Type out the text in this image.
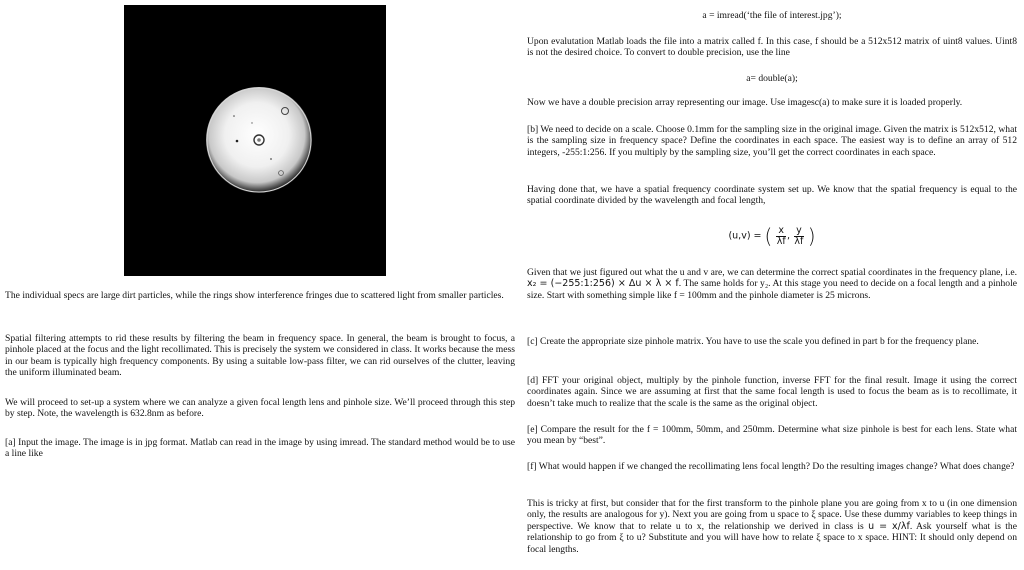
The individual specs are large dirt particles, while the rings show interference fringes due to scattered light from smaller particles.

Spatial filtering attempts to rid these results by filtering the beam in frequency space. In general, the beam is brought to focus, a pinhole placed at the focus and the light recollimated. This is precisely the system we considered in class. It works because the mess in our beam is typically high frequency components. By using a suitable low-pass filter, we can rid ourselves of the clutter, leaving the uniform illuminated beam.

We will proceed to set-up a system where we can analyze a given focal length lens and pinhole size. We’ll proceed through this step by step. Note, the wavelength is 632.8nm as before.

[a] Input the image. The image is in jpg format. Matlab can read in the image by using imread. The standard method would be to use a line like

a = imread(‘the file of interest.jpg’);

Upon evalutation Matlab loads the file into a matrix called f. In this case, f should be a 512x512 matrix of uint8 values. Uint8 is not the desired choice. To convert to double precision, use the line

a= double(a);

Now we have a double precision array representing our image. Use imagesc(a) to make sure it is loaded properly.

[b] We need to decide on a scale. Choose 0.1mm for the sampling size in the original image. Given the matrix is 512x512, what is the sampling size in frequency space? Define the coordinates in each space. The easiest way is to define an array of 512 integers, -255:1:256. If you multiply by the sampling size, you’ll get the correct coordinates in each space.

Having done that, we have a spatial frequency coordinate system set up. We know that the spatial frequency is equal to the spatial coordinate divided by the wavelength and focal length,

(u,v) = ( $\frac{x}{\lambda f}$ , $\frac{y}{\lambda f}$ )

Given that we just figured out what the u and v are, we can determine the correct spatial coordinates in the frequency plane, i.e. x₂ = (−255:1:256) × Δu × λ × f. The same holds for y₂. At this stage you need to decide on a focal length and a pinhole size. Start with something simple like f = 100mm and the pinhole diameter is 25 microns.

[c] Create the appropriate size pinhole matrix. You have to use the scale you defined in part b for the frequency plane.

[d] FFT your original object, multiply by the pinhole function, inverse FFT for the final result. Image it using the correct coordinates again. Since we are assuming at first that the same focal length is used to focus the beam as is to recollimate, it doesn’t take much to realize that the scale is the same as the original object.

[e] Compare the result for the f = 100mm, 50mm, and 250mm. Determine what size pinhole is best for each lens. State what you mean by “best”.

[f] What would happen if we changed the recollimating lens focal length? Do the resulting images change? What does change?

This is tricky at first, but consider that for the first transform to the pinhole plane you are going from x to u (in one dimension only, the results are analogous for y). Next you are going from u space to ξ space. Use these dummy variables to keep things in perspective. We know that to relate u to x, the relationship we derived in class is u = x/λf. Ask yourself what is the relationship to go from ξ to u? Substitute and you will have how to relate ξ space to x space. HINT: It should only depend on focal lengths.
